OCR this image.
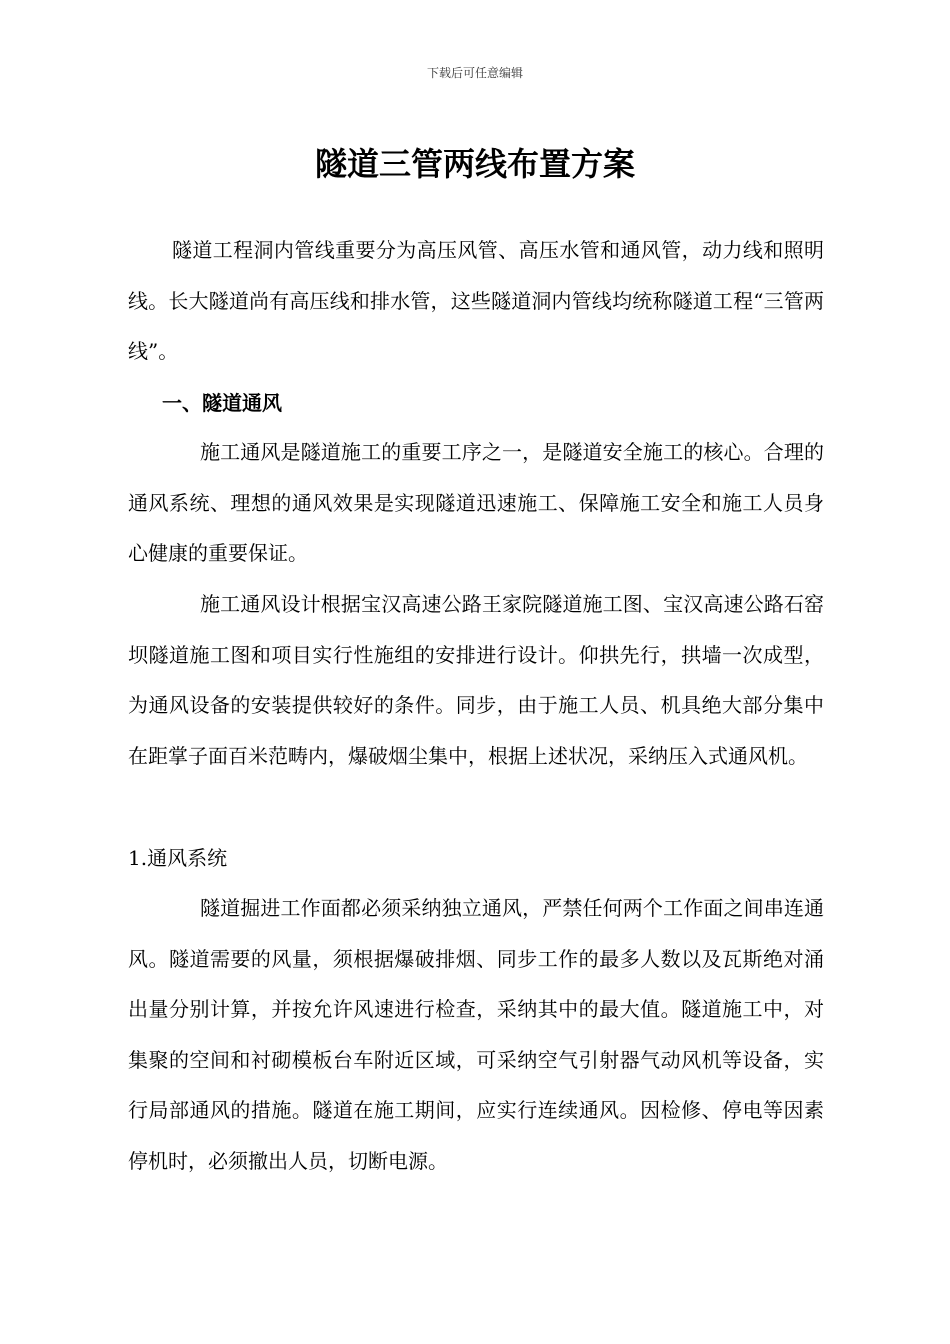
下载后可任意编辑
隧道三管两线布置方案

隧道工程洞内管线重要分为高压风管、高压水管和通风管，动力线和照明线。长大隧道尚有高压线和排水管，这些隧道洞内管线均统称隧道工程“三管两线”。

一、隧道通风

施工通风是隧道施工的重要工序之一，是隧道安全施工的核心。合理的通风系统、理想的通风效果是实现隧道迅速施工、保障施工安全和施工人员身心健康的重要保证。

施工通风设计根据宝汉高速公路王家院隧道施工图、宝汉高速公路石窑坝隧道施工图和项目实行性施组的安排进行设计。仰拱先行，拱墙一次成型，为通风设备的安装提供较好的条件。同步，由于施工人员、机具绝大部分集中在距掌子面百米范畴内，爆破烟尘集中，根据上述状况，采纳压入式通风机。

1.通风系统

隧道掘进工作面都必须采纳独立通风，严禁任何两个工作面之间串连通风。隧道需要的风量，须根据爆破排烟、同步工作的最多人数以及瓦斯绝对涌出量分别计算，并按允许风速进行检查，采纳其中的最大值。隧道施工中，对集聚的空间和衬砌模板台车附近区域，可采纳空气引射器气动风机等设备，实行局部通风的措施。隧道在施工期间，应实行连续通风。因检修、停电等因素停机时，必须撤出人员，切断电源。
